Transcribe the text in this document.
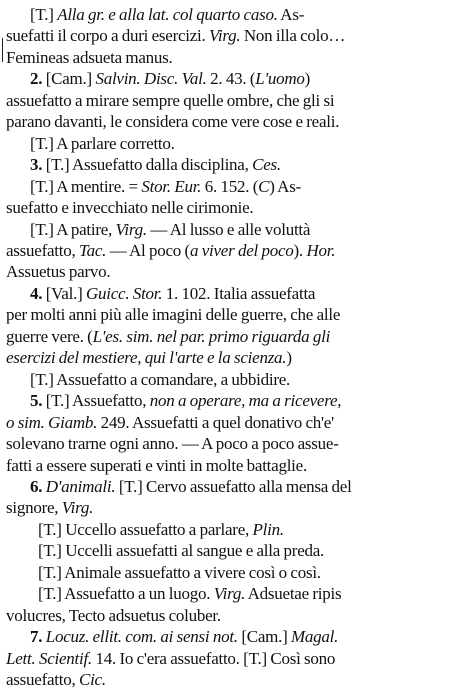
[T.] Alla gr. e alla lat. col quarto caso. As-
suefatti il corpo a duri esercizi. Virg. Non illa colo…
Femineas adsueta manus.
2. [Cam.] Salvin. Disc. Val. 2. 43. (L'uomo)
assuefatto a mirare sempre quelle ombre, che gli si
parano davanti, le considera come vere cose e reali.
[T.] A parlare corretto.
3. [T.] Assuefatto dalla disciplina, Ces.
[T.] A mentire. = Stor. Eur. 6. 152. (C) As-
suefatto e invecchiato nelle cirimonie.
[T.] A patire, Virg. — Al lusso e alle voluttà
assuefatto, Tac. — Al poco (a viver del poco). Hor.
Assuetus parvo.
4. [Val.] Guicc. Stor. 1. 102. Italia assuefatta
per molti anni più alle imagini delle guerre, che alle
guerre vere. (L'es. sim. nel par. primo riguarda gli
esercizi del mestiere, qui l'arte e la scienza.)
[T.] Assuefatto a comandare, a ubbidire.
5. [T.] Assuefatto, non a operare, ma a ricevere,
o sim. Giamb. 249. Assuefatti a quel donativo ch'e'
solevano trarne ogni anno. — A poco a poco assue-
fatti a essere superati e vinti in molte battaglie.
6. D'animali. [T.] Cervo assuefatto alla mensa del
signore, Virg.
[T.] Uccello assuefatto a parlare, Plin.
[T.] Uccelli assuefatti al sangue e alla preda.
[T.] Animale assuefatto a vivere così o così.
[T.] Assuefatto a un luogo. Virg. Adsuetae ripis
volucres, Tecto adsuetus coluber.
7. Locuz. ellit. com. ai sensi not. [Cam.] Magal.
Lett. Scientif. 14. Io c'era assuefatto. [T.] Così sono
assuefatto, Cic.
